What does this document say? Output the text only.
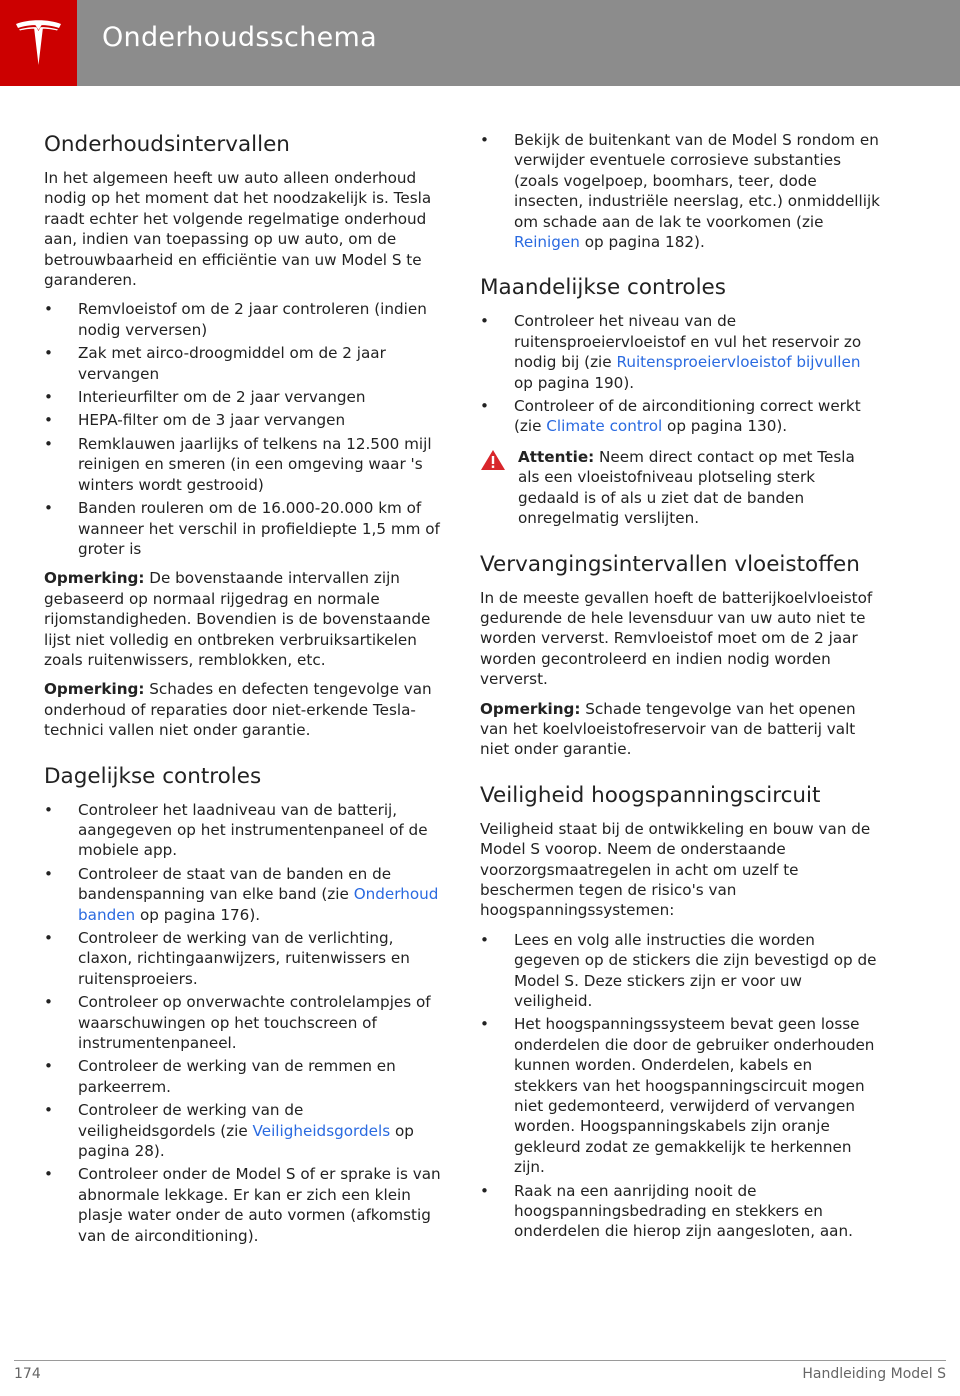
Onderhoudsschema
Onderhoudsintervallen

In het algemeen heeft uw auto alleen onderhoud nodig op het moment dat het noodzakelijk is. Tesla raadt echter het volgende regelmatige onderhoud aan, indien van toepassing op uw auto, om de betrouwbaarheid en efficiëntie van uw Model S te garanderen.

• Remvloeistof om de 2 jaar controleren (indien nodig verversen)
• Zak met airco-droogmiddel om de 2 jaar vervangen
• Interieurfilter om de 2 jaar vervangen
• HEPA-filter om de 3 jaar vervangen
• Remklauwen jaarlijks of telkens na 12.500 mijl reinigen en smeren (in een omgeving waar 's winters wordt gestrooid)
• Banden rouleren om de 16.000-20.000 km of wanneer het verschil in profieldiepte 1,5 mm of groter is

Opmerking: De bovenstaande intervallen zijn gebaseerd op normaal rijgedrag en normale rijomstandigheden. Bovendien is de bovenstaande lijst niet volledig en ontbreken verbruiksartikelen zoals ruitenwissers, remblokken, etc.

Opmerking: Schades en defecten tengevolge van onderhoud of reparaties door niet-erkende Tesla-technici vallen niet onder garantie.

Dagelijkse controles
• Controleer het laadniveau van de batterij, aangegeven op het instrumentenpaneel of de mobiele app.
• Controleer de staat van de banden en de bandenspanning van elke band (zie Onderhoud banden op pagina 176).
• Controleer de werking van de verlichting, claxon, richtingaanwijzers, ruitenwissers en ruitensproeiers.
• Controleer op onverwachte controlelampjes of waarschuwingen op het touchscreen of instrumentenpaneel.
• Controleer de werking van de remmen en parkeerrem.
• Controleer de werking van de veiligheidsgordels (zie Veiligheidsgordels op pagina 28).
• Controleer onder de Model S of er sprake is van abnormale lekkage. Er kan er zich een klein plasje water onder de auto vormen (afkomstig van de airconditioning).
• Bekijk de buitenkant van de Model S rondom en verwijder eventuele corrosieve substanties (zoals vogelpoep, boomhars, teer, dode insecten, industriële neerslag, etc.) onmiddellijk om schade aan de lak te voorkomen (zie Reinigen op pagina 182).
Maandelijkse controles
• Controleer het niveau van de ruitensproeiervloeistof en vul het reservoir zo nodig bij (zie Ruitensproeiervloeistof bijvullen op pagina 190).
• Controleer of de airconditioning correct werkt (zie Climate control op pagina 130).
Attentie: Neem direct contact op met Tesla als een vloeistofniveau plotseling sterk gedaald is of als u ziet dat de banden onregelmatig verslijten.
Vervangingsintervallen vloeistoffen

In de meeste gevallen hoeft de batterijkoelvloeistof gedurende de hele levensduur van uw auto niet te worden ververst. Remvloeistof moet om de 2 jaar worden gecontroleerd en indien nodig worden ververst.

Opmerking: Schade tengevolge van het openen van het koelvloeistofreservoir van de batterij valt niet onder garantie.

Veiligheid hoogspanningscircuit

Veiligheid staat bij de ontwikkeling en bouw van de Model S voorop. Neem de onderstaande voorzorgsmaatregelen in acht om uzelf te beschermen tegen de risico's van hoogspanningssystemen:

• Lees en volg alle instructies die worden gegeven op de stickers die zijn bevestigd op de Model S. Deze stickers zijn er voor uw veiligheid.
• Het hoogspanningssysteem bevat geen losse onderdelen die door de gebruiker onderhouden kunnen worden. Onderdelen, kabels en stekkers van het hoogspanningscircuit mogen niet gedemonteerd, verwijderd of vervangen worden. Hoogspanningskabels zijn oranje gekleurd zodat ze gemakkelijk te herkennen zijn.
• Raak na een aanrijding nooit de hoogspanningsbedrading en stekkers en onderdelen die hierop zijn aangesloten, aan.
174	Handleiding Model S
